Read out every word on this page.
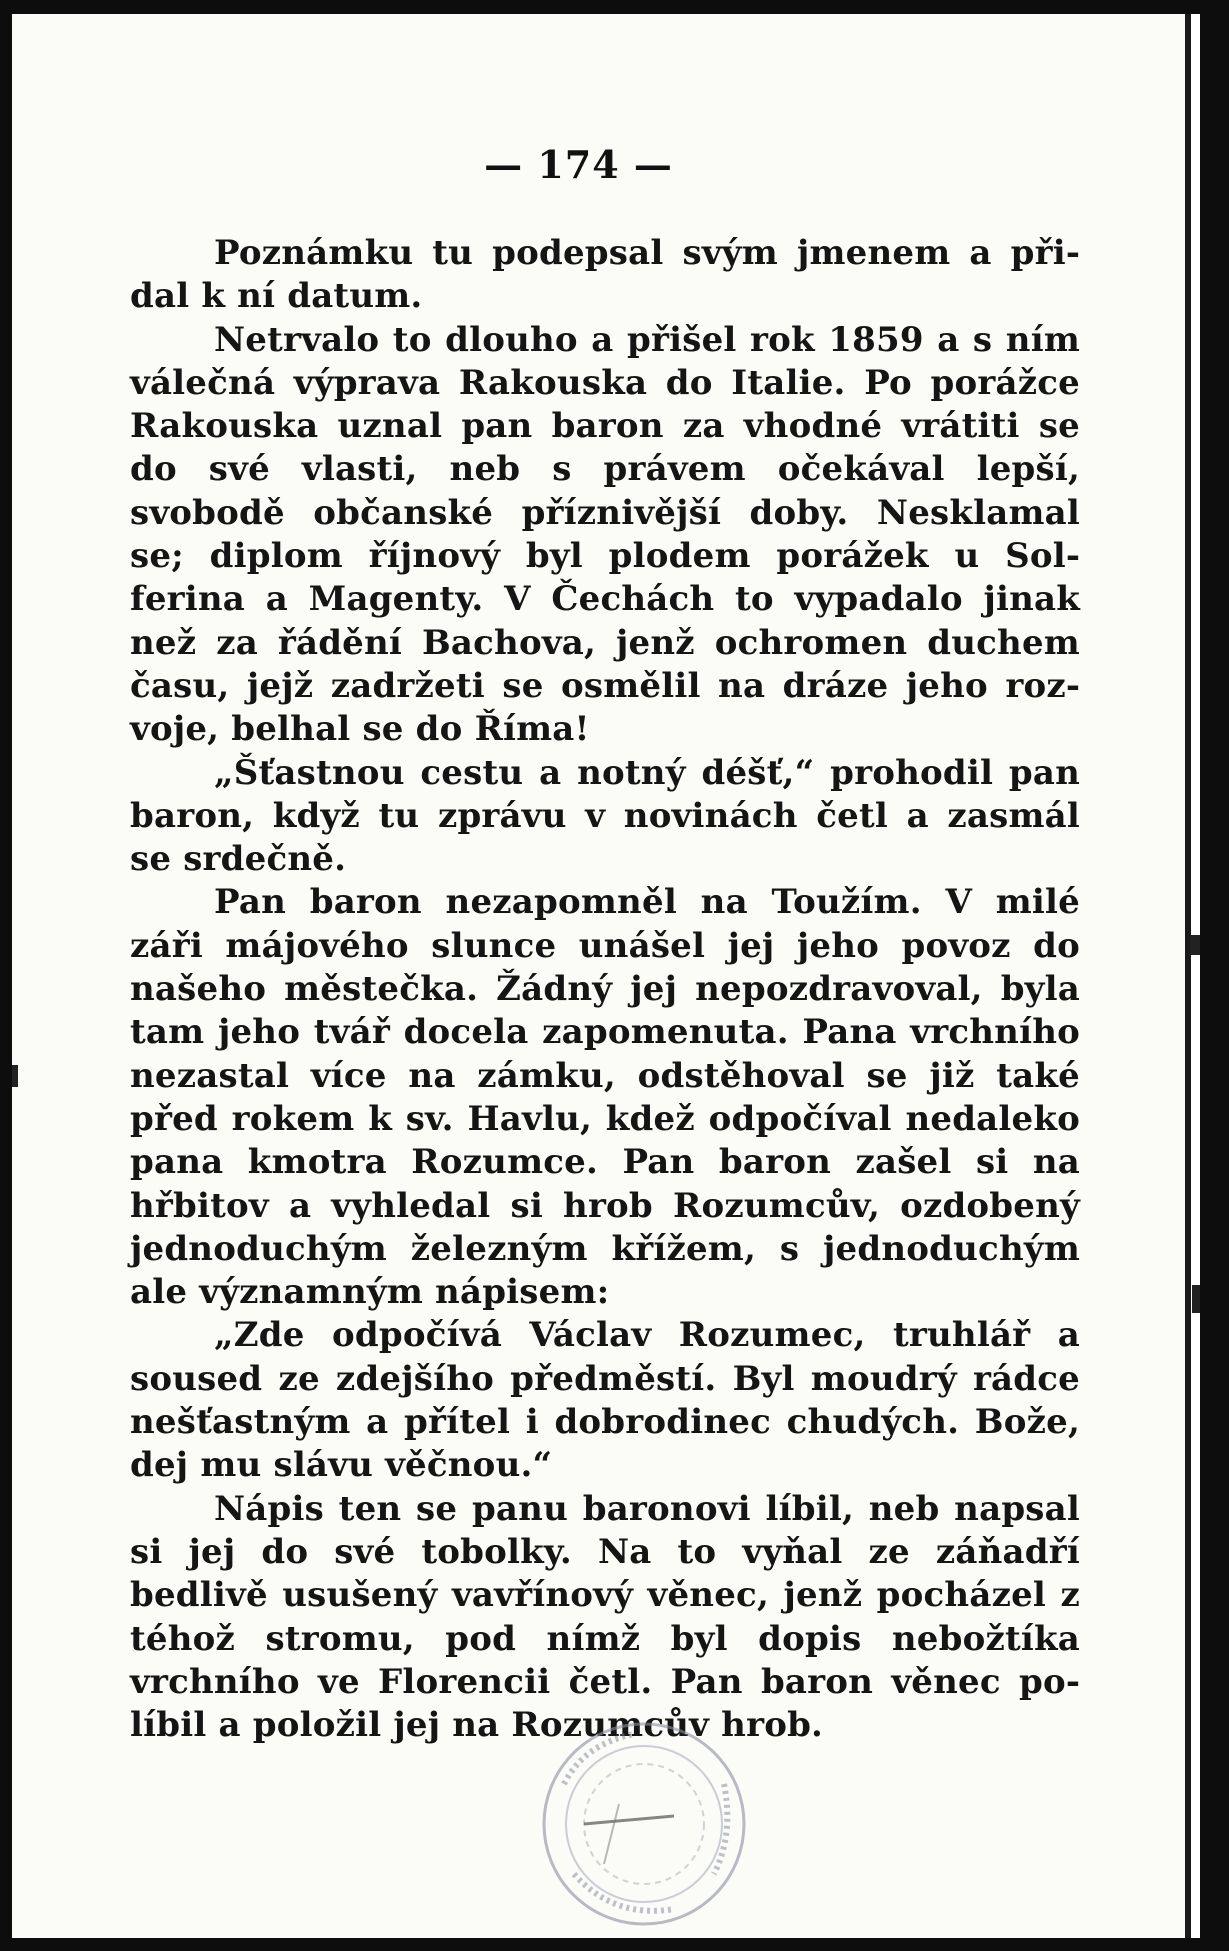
— 174 —

Poznámku tu podepsal svým jmenem a přidal k ní datum.

Netrvalo to dlouho a přišel rok 1859 a s ním válečná výprava Rakouska do Italie. Po porážce Rakouska uznal pan baron za vhodné vrátiti se do své vlasti, neb s právem očekával lepší, svobodě občanské příznivější doby. Nesklamal se; diplom říjnový byl plodem porážek u Solferina a Magenty. V Čechách to vypadalo jinak než za řádění Bachova, jenž ochromen duchem času, jejž zadržeti se osmělil na dráze jeho rozvoje, belhal se do Říma!

„Šťastnou cestu a notný déšť,“ prohodil pan baron, když tu zprávu v novinách četl a zasmál se srdečně.

Pan baron nezapomněl na Toužím. V milé záři májového slunce unášel jej jeho povoz do našeho městečka. Žádný jej nepozdravoval, byla tam jeho tvář docela zapomenuta. Pana vrchního nezastal více na zámku, odstěhoval se již také před rokem k sv. Havlu, kdež odpočíval nedaleko pana kmotra Rozumce. Pan baron zašel si na hřbitov a vyhledal si hrob Rozumcův, ozdobený jednoduchým železným křížem, s jednoduchým ale významným nápisem:

„Zde odpočívá Václav Rozumec, truhlář a soused ze zdejšího předměstí. Byl moudrý rádce nešťastným a přítel i dobrodinec chudých. Bože, dej mu slávu věčnou.“

Nápis ten se panu baronovi líbil, neb napsal si jej do své tobolky. Na to vyňal ze záňadří bedlivě usušený vavřínový věnec, jenž pocházel z téhož stromu, pod nímž byl dopis nebožtíka vrchního ve Florencii četl. Pan baron věnec políbil a položil jej na Rozumcův hrob.
